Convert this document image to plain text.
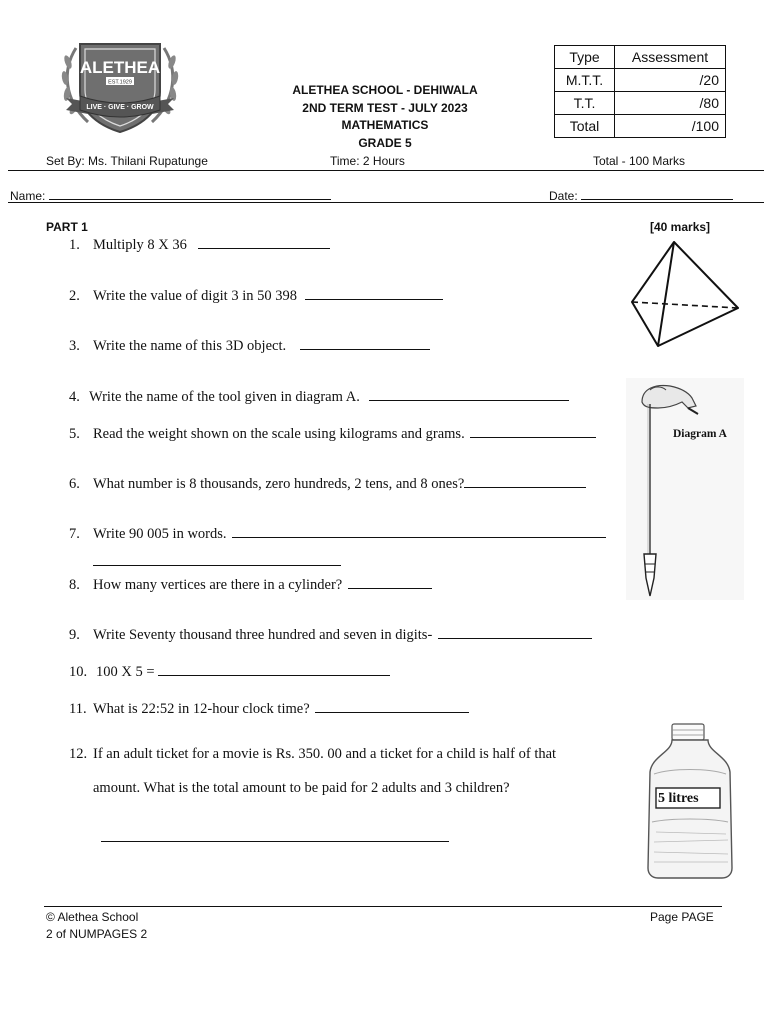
ALETHEA
EST.1929
LIVE · GIVE · GROW
ALETHEA SCHOOL - DEHIWALA
2ND TERM TEST - JULY 2023
MATHEMATICS
GRADE 5
Type	Assessment
M.T.T.	/20
T.T.	/80
Total	/100
Set By: Ms. Thilani Rupatunge	Time: 2 Hours	Total - 100 Marks
Name:	Date:
PART 1	[40 marks]
1. Multiply 8 X 36
2. Write the value of digit 3 in 50 398
3. Write the name of this 3D object.
4. Write the name of the tool given in diagram A.
5. Read the weight shown on the scale using kilograms and grams.
6. What number is 8 thousands, zero hundreds, 2 tens, and 8 ones?
7. Write 90 005 in words.
8. How many vertices are there in a cylinder?
9. Write Seventy thousand three hundred and seven in digits-
10. 100 X 5 =
11. What is 22:52 in 12-hour clock time?
12. If an adult ticket for a movie is Rs. 350. 00 and a ticket for a child is half of that
amount. What is the total amount to be paid for 2 adults and 3 children?
Diagram A
5 litres
© Alethea School	Page PAGE
2 of NUMPAGES 2
